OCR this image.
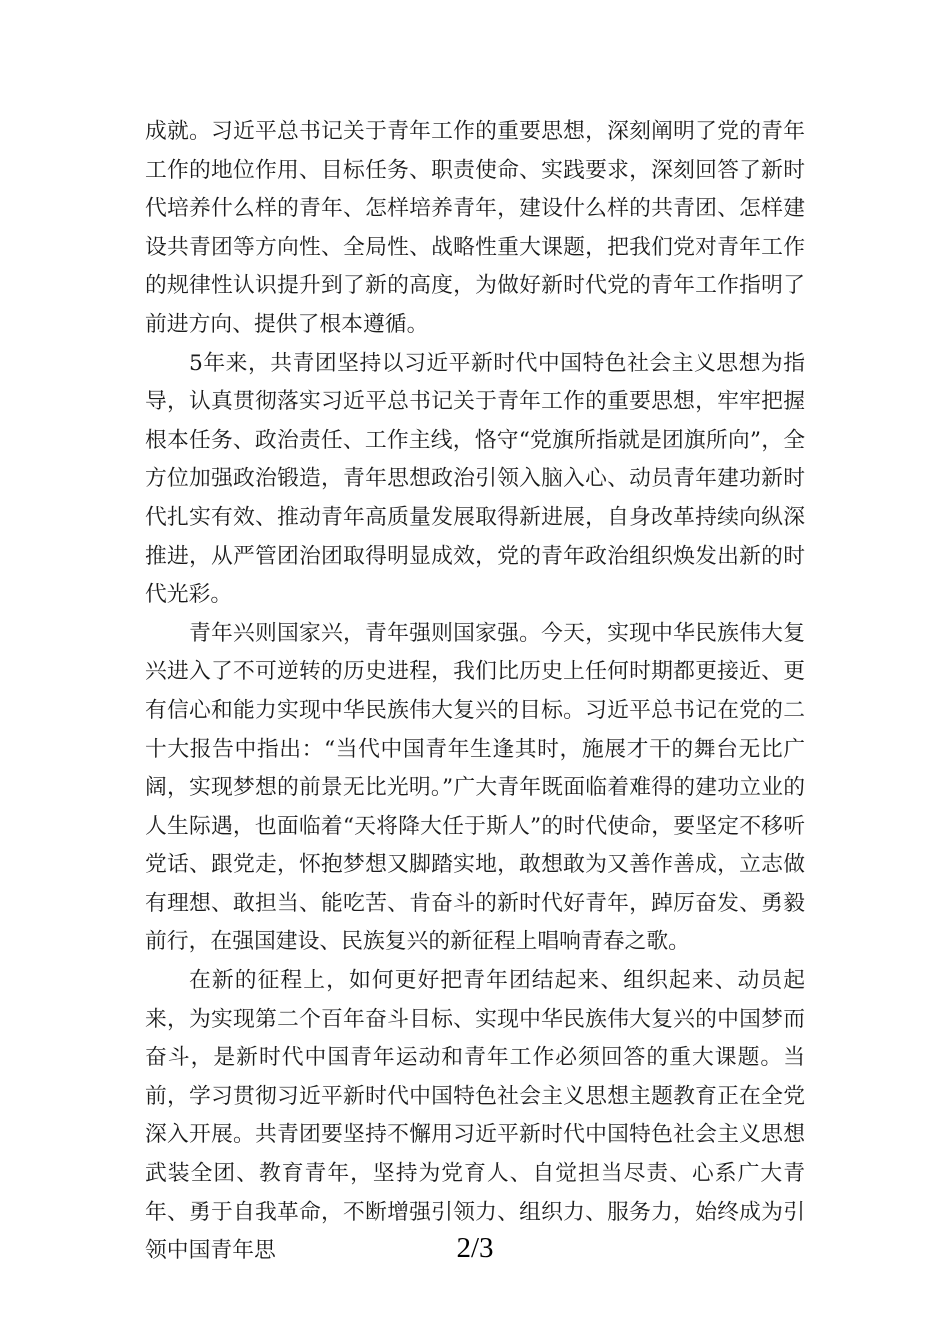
成就。习近平总书记关于青年工作的重要思想，深刻阐明了党的青年工作的地位作用、目标任务、职责使命、实践要求，深刻回答了新时代培养什么样的青年、怎样培养青年，建设什么样的共青团、怎样建设共青团等方向性、全局性、战略性重大课题，把我们党对青年工作的规律性认识提升到了新的高度，为做好新时代党的青年工作指明了前进方向、提供了根本遵循。

5年来，共青团坚持以习近平新时代中国特色社会主义思想为指导，认真贯彻落实习近平总书记关于青年工作的重要思想，牢牢把握根本任务、政治责任、工作主线，恪守“党旗所指就是团旗所向”，全方位加强政治锻造，青年思想政治引领入脑入心、动员青年建功新时代扎实有效、推动青年高质量发展取得新进展，自身改革持续向纵深推进，从严管团治团取得明显成效，党的青年政治组织焕发出新的时代光彩。

青年兴则国家兴，青年强则国家强。今天，实现中华民族伟大复兴进入了不可逆转的历史进程，我们比历史上任何时期都更接近、更有信心和能力实现中华民族伟大复兴的目标。习近平总书记在党的二十大报告中指出：“当代中国青年生逢其时，施展才干的舞台无比广阔，实现梦想的前景无比光明。”广大青年既面临着难得的建功立业的人生际遇，也面临着“天将降大任于斯人”的时代使命，要坚定不移听党话、跟党走，怀抱梦想又脚踏实地，敢想敢为又善作善成，立志做有理想、敢担当、能吃苦、肯奋斗的新时代好青年，踔厉奋发、勇毅前行，在强国建设、民族复兴的新征程上唱响青春之歌。

在新的征程上，如何更好把青年团结起来、组织起来、动员起来，为实现第二个百年奋斗目标、实现中华民族伟大复兴的中国梦而奋斗，是新时代中国青年运动和青年工作必须回答的重大课题。当前，学习贯彻习近平新时代中国特色社会主义思想主题教育正在全党深入开展。共青团要坚持不懈用习近平新时代中国特色社会主义思想武装全团、教育青年，坚持为党育人、自觉担当尽责、心系广大青年、勇于自我革命，不断增强引领力、组织力、服务力，始终成为引领中国青年思	2/3
